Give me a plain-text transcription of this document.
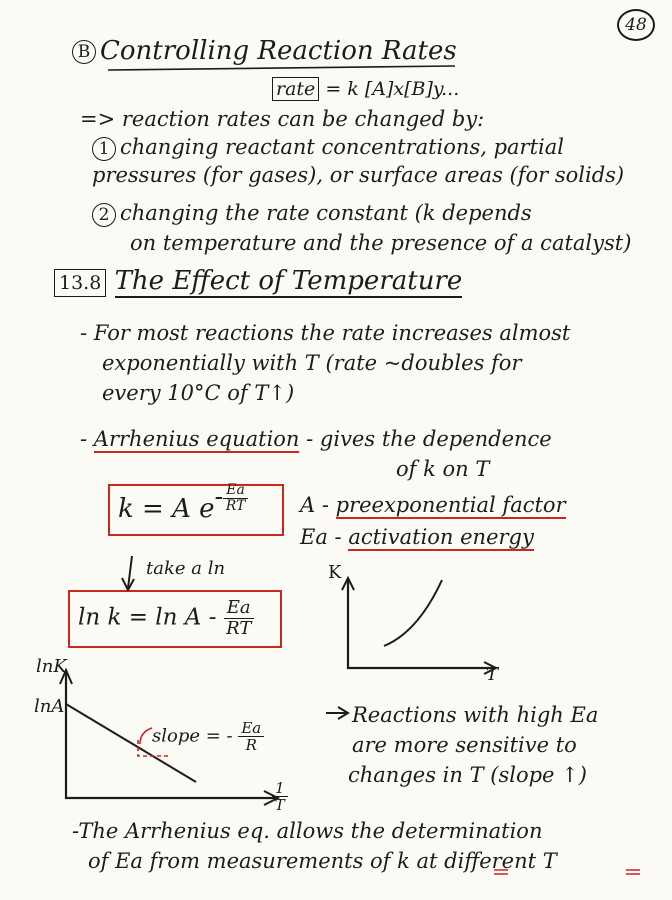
48
B Controlling Reaction Rates
rate = k [A]x[B]y...
=> reaction rates can be changed by:
1 changing reactant concentrations, partial
pressures (for gases), or surface areas (for solids)
2 changing the rate constant (k depends
on temperature and the presence of a catalyst)
13.8 The Effect of Temperature
- For most reactions the rate increases almost
exponentially with T (rate ~doubles for
every 10°C of T↑)
- Arrhenius equation - gives the dependence
of k on T
k = A $e- \frac{Ea}{RT}$ A - preexponential factor
Ea - activation energy
take a ln
$\ln k = \ln A - \frac{Ea}{RT}$
K
T
lnK
lnA
slope = - $\frac{Ea}{R}$
$\frac{1}{T}$
Reactions with high Ea
are more sensitive to
changes in T (slope ↑)
-The Arrhenius eq. allows the determination
of Ea from measurements of k at different T
